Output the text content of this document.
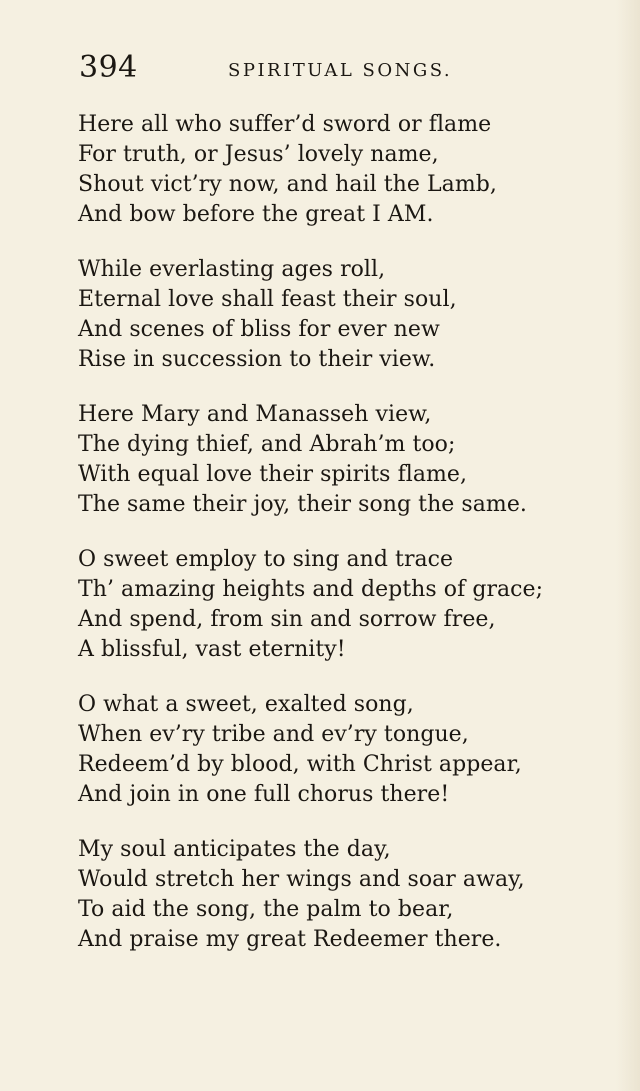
394	SPIRITUAL SONGS.
Here all who suffer’d sword or flame
For truth, or Jesus’ lovely name,
Shout vict’ry now, and hail the Lamb,
And bow before the great I AM.
While everlasting ages roll,
Eternal love shall feast their soul,
And scenes of bliss for ever new
Rise in succession to their view.
Here Mary and Manasseh view,
The dying thief, and Abrah’m too;
With equal love their spirits flame,
The same their joy, their song the same.
O sweet employ to sing and trace
Th’ amazing heights and depths of grace;
And spend, from sin and sorrow free,
A blissful, vast eternity!
O what a sweet, exalted song,
When ev’ry tribe and ev’ry tongue,
Redeem’d by blood, with Christ appear,
And join in one full chorus there!
My soul anticipates the day,
Would stretch her wings and soar away,
To aid the song, the palm to bear,
And praise my great Redeemer there.
